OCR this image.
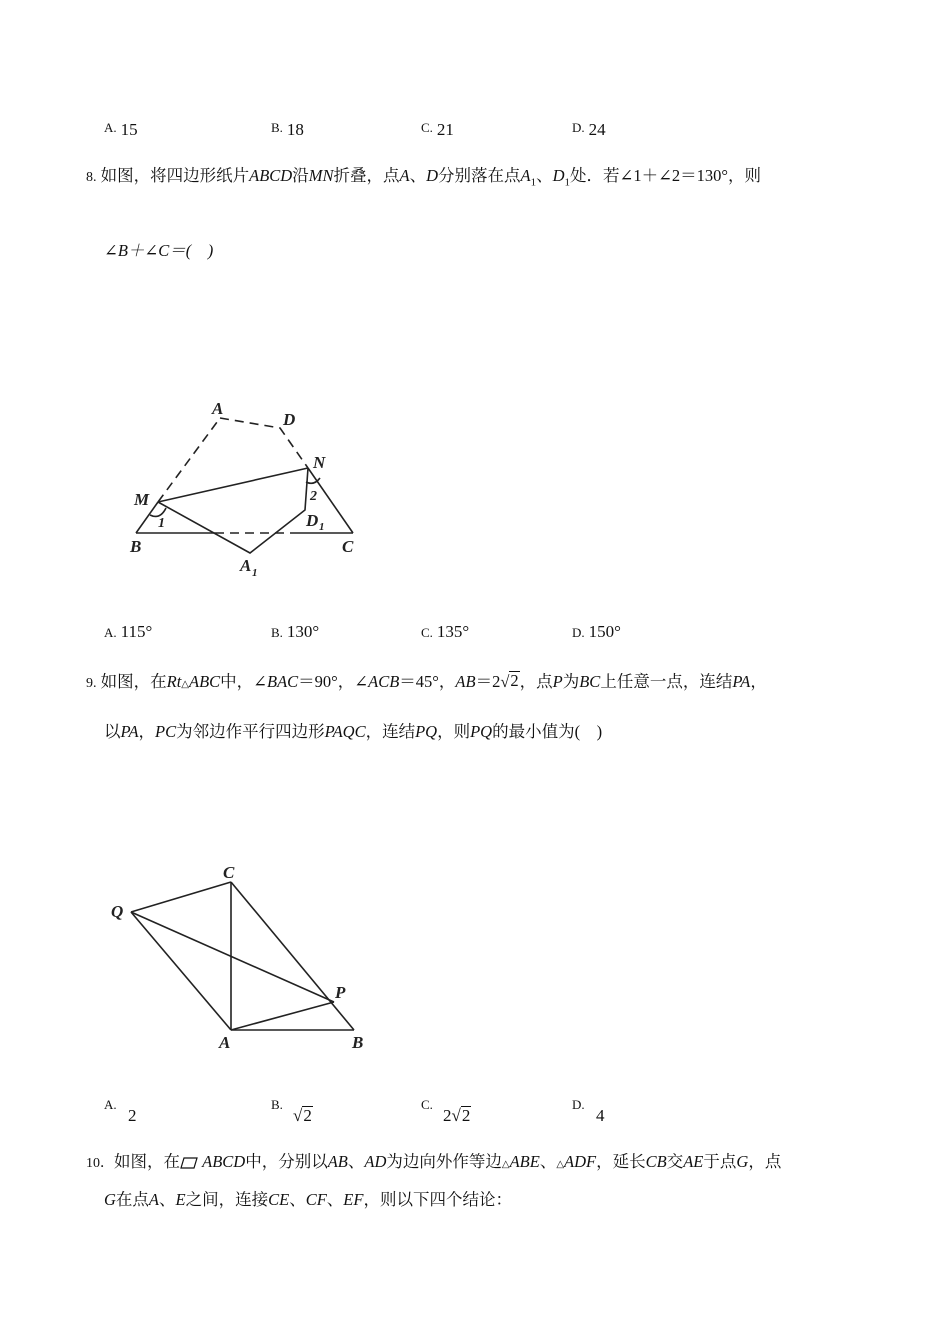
A. 15	B. 18	C. 21	D. 24
8. 如图，将四边形纸片ABCD沿MN折叠，点A、D分别落在点$A_1$、$D_1$处．若∠1＋∠2＝130°，则
∠B＋∠C＝(　)
A
D
N
M
1
2
D 1
B	C
A 1
A. 115°	B. 130°	C. 135°	D. 150°
9. 如图，在Rt△ABC中，∠BAC＝90°，∠ACB＝45°，AB＝2 √ 2 ，点P为BC上任意一点，连结PA，
以PA，PC为邻边作平行四边形PAQC，连结PQ，则PQ的最小值为(　)
C
Q
P
A	B
A.
2
B.

√ 2
C.
2 √ 2
D.
4
10．如图，在 ABCD中，分别以AB、AD为边向外作等边△ABE、△ADF，延长CB交AE于点G，点
G在点A、E之间，连接CE、CF、EF，则以下四个结论：
